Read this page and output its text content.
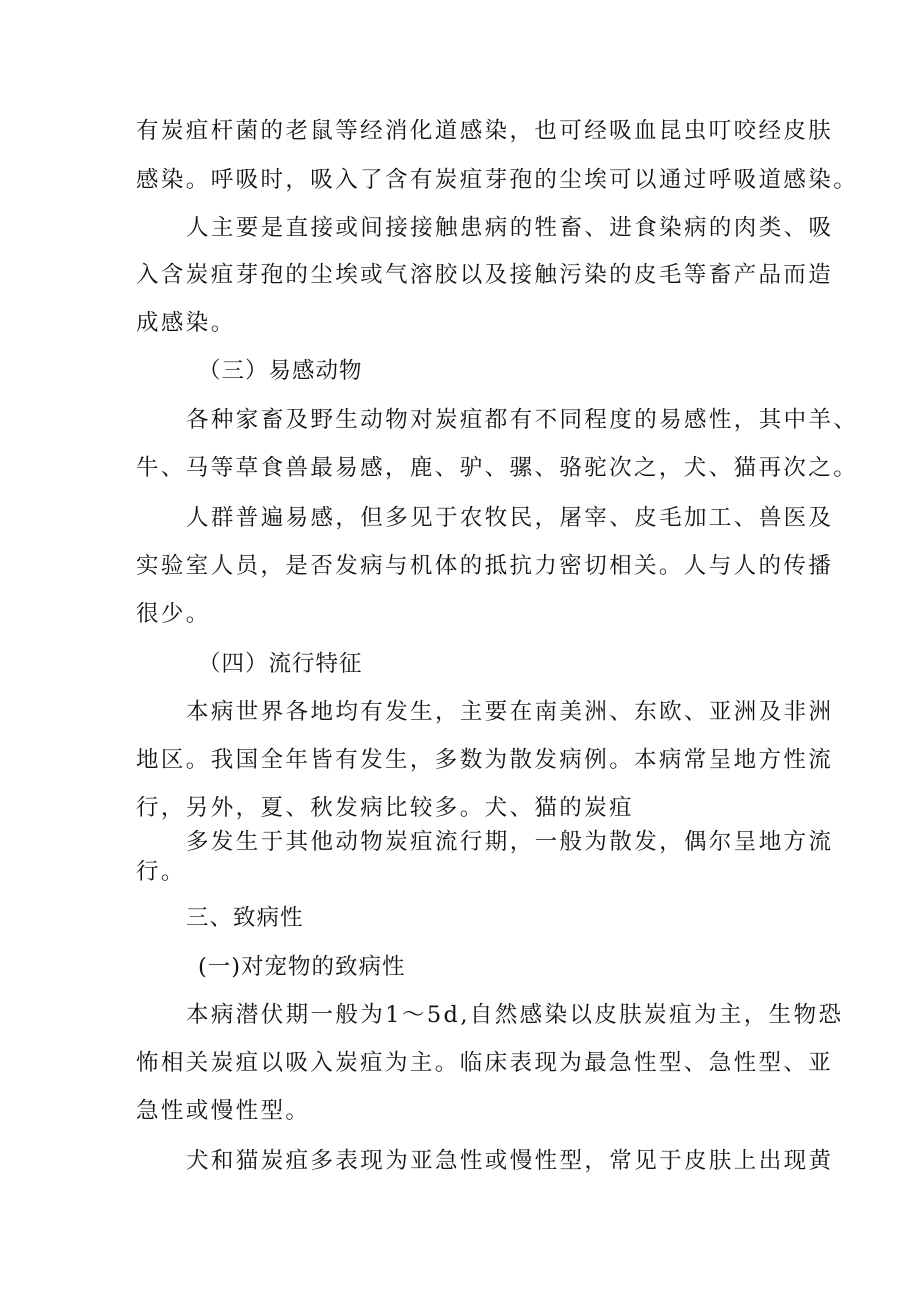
有炭疽杆菌的老鼠等经消化道感染，也可经吸血昆虫叮咬经皮肤
感染。呼吸时，吸入了含有炭疽芽孢的尘埃可以通过呼吸道感染。
人主要是直接或间接接触患病的牲畜、进食染病的肉类、吸
入含炭疽芽孢的尘埃或气溶胶以及接触污染的皮毛等畜产品而造
成感染。
（三）易感动物
各种家畜及野生动物对炭疽都有不同程度的易感性，其中羊、
牛、马等草食兽最易感，鹿、驴、骡、骆驼次之，犬、猫再次之。
人群普遍易感，但多见于农牧民，屠宰、皮毛加工、兽医及
实验室人员，是否发病与机体的抵抗力密切相关。人与人的传播
很少。
（四）流行特征
本病世界各地均有发生，主要在南美洲、东欧、亚洲及非洲
地区。我国全年皆有发生，多数为散发病例。本病常呈地方性流
行，另外，夏、秋发病比较多。犬、猫的炭疽
多发生于其他动物炭疽流行期，一般为散发，偶尔呈地方流
行。
三、致病性
(一)对宠物的致病性
本病潜伏期一般为1～5d,自然感染以皮肤炭疽为主，生物恐
怖相关炭疽以吸入炭疽为主。临床表现为最急性型、急性型、亚
急性或慢性型。
犬和猫炭疽多表现为亚急性或慢性型，常见于皮肤上出现黄
